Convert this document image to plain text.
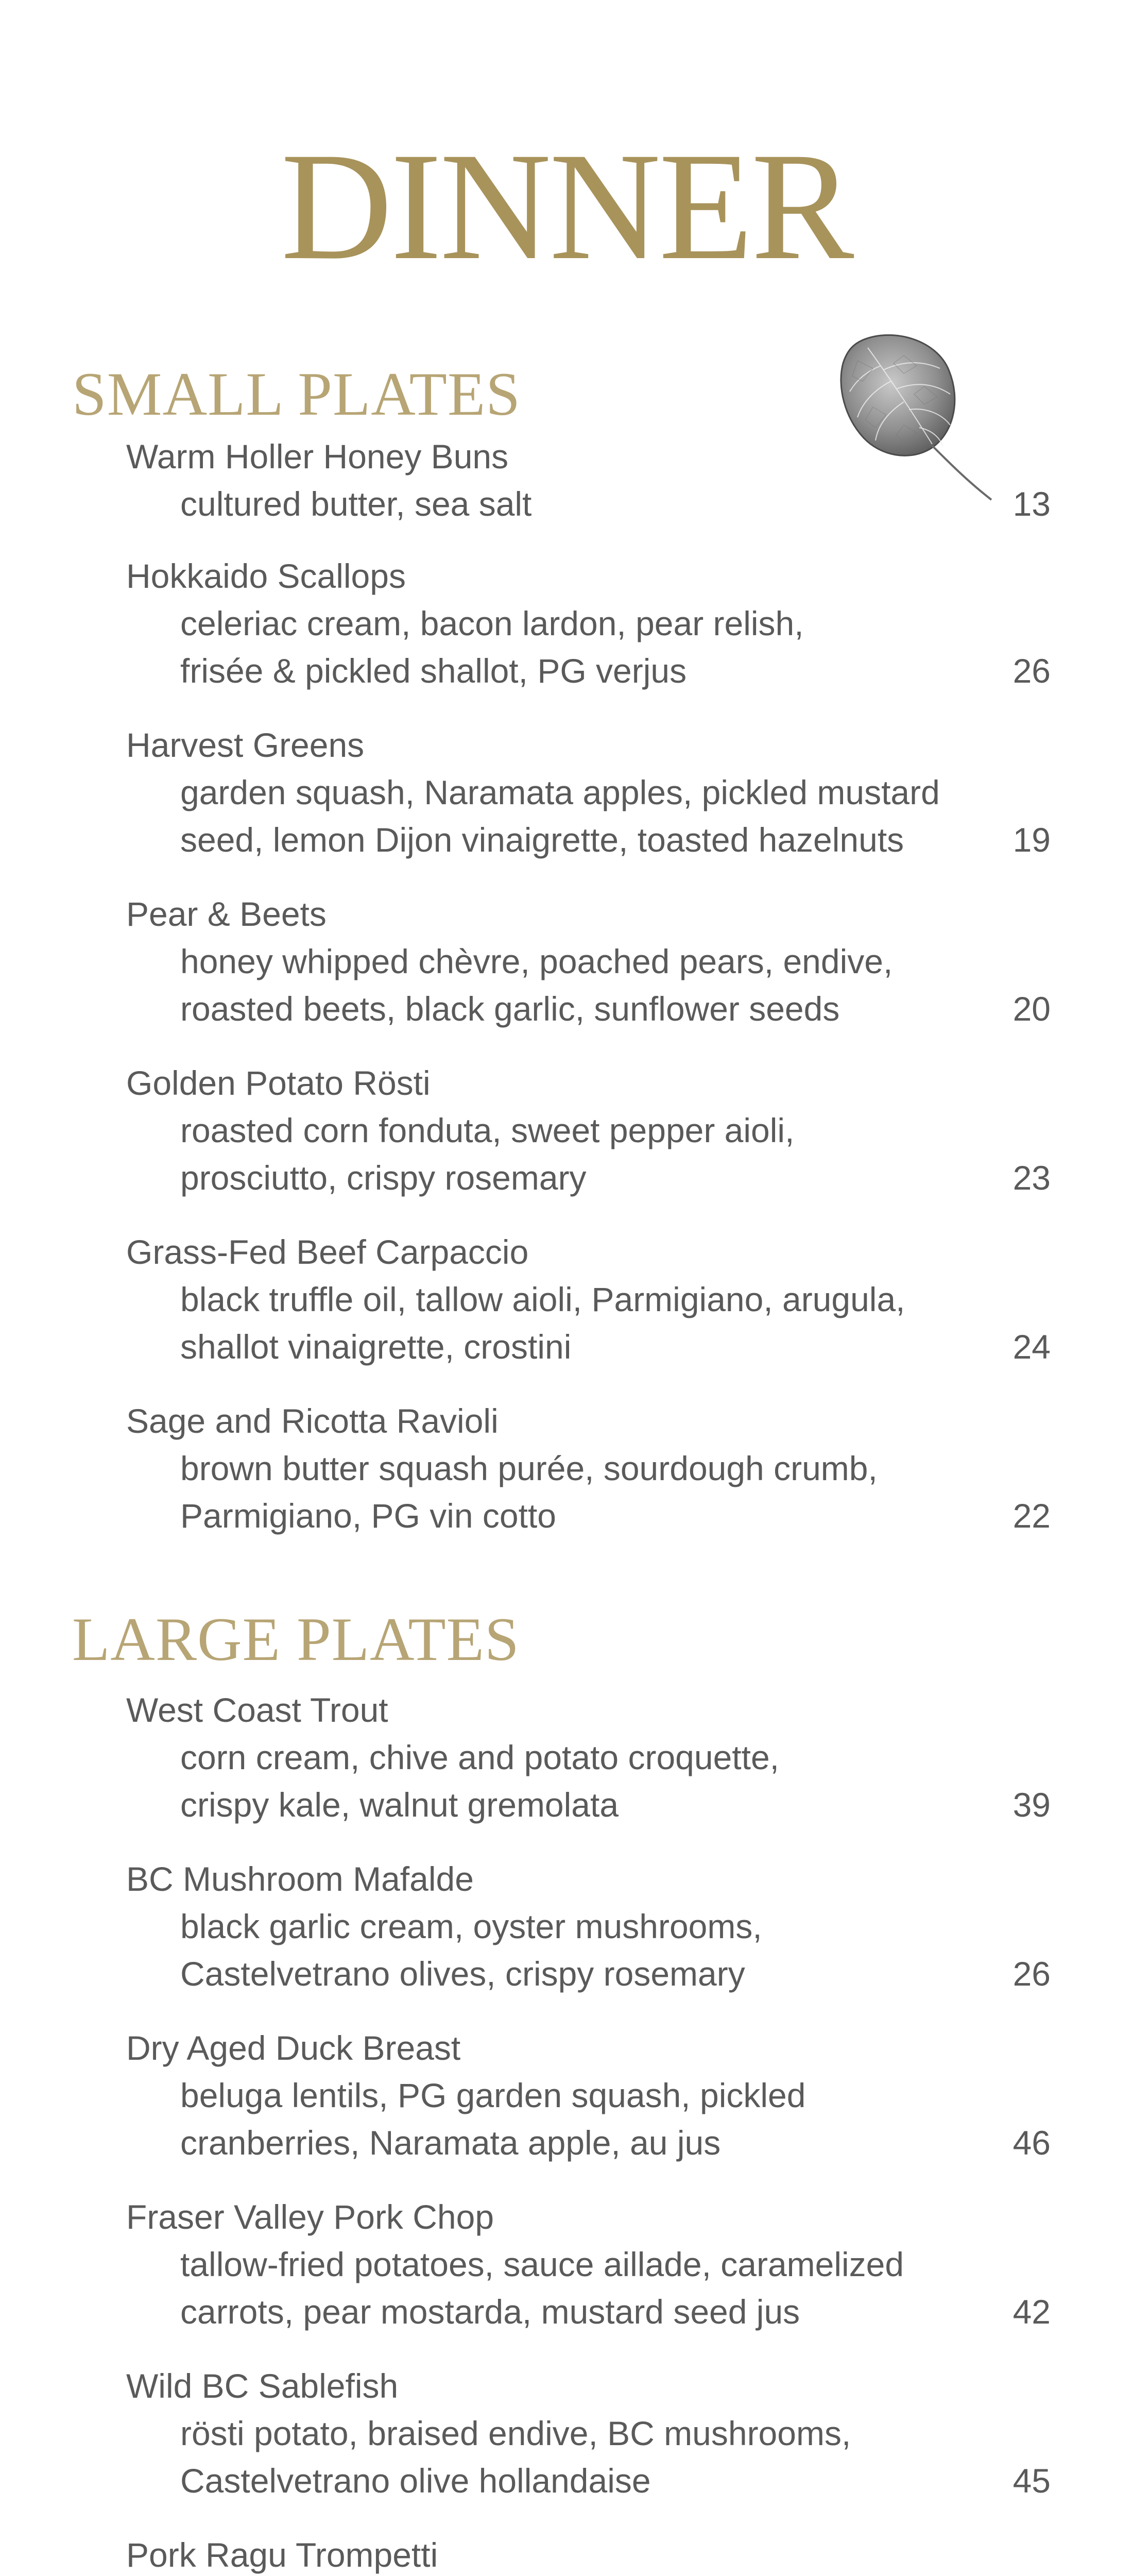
DINNER
SMALL PLATES
Warm Holler Honey Buns
cultured butter, sea salt	13
Hokkaido Scallops
celeriac cream, bacon lardon, pear relish,
frisée & pickled shallot, PG verjus	26
Harvest Greens
garden squash, Naramata apples, pickled mustard
seed, lemon Dijon vinaigrette, toasted hazelnuts	19
Pear & Beets
honey whipped chèvre, poached pears, endive,
roasted beets, black garlic, sunflower seeds	20
Golden Potato Rösti
roasted corn fonduta, sweet pepper aioli,
prosciutto, crispy rosemary	23
Grass-Fed Beef Carpaccio
black truffle oil, tallow aioli, Parmigiano, arugula,
shallot vinaigrette, crostini	24
Sage and Ricotta Ravioli
brown butter squash purée, sourdough crumb,
Parmigiano, PG vin cotto	22
LARGE PLATES
West Coast Trout
corn cream, chive and potato croquette,
crispy kale, walnut gremolata	39
BC Mushroom Mafalde
black garlic cream, oyster mushrooms,
Castelvetrano olives, crispy rosemary	26
Dry Aged Duck Breast
beluga lentils, PG garden squash, pickled
cranberries, Naramata apple, au jus	46
Fraser Valley Pork Chop
tallow-fried potatoes, sauce aillade, caramelized
carrots, pear mostarda, mustard seed jus	42
Wild BC Sablefish
rösti potato, braised endive, BC mushrooms,
Castelvetrano olive hollandaise	45
Pork Ragu Trompetti
